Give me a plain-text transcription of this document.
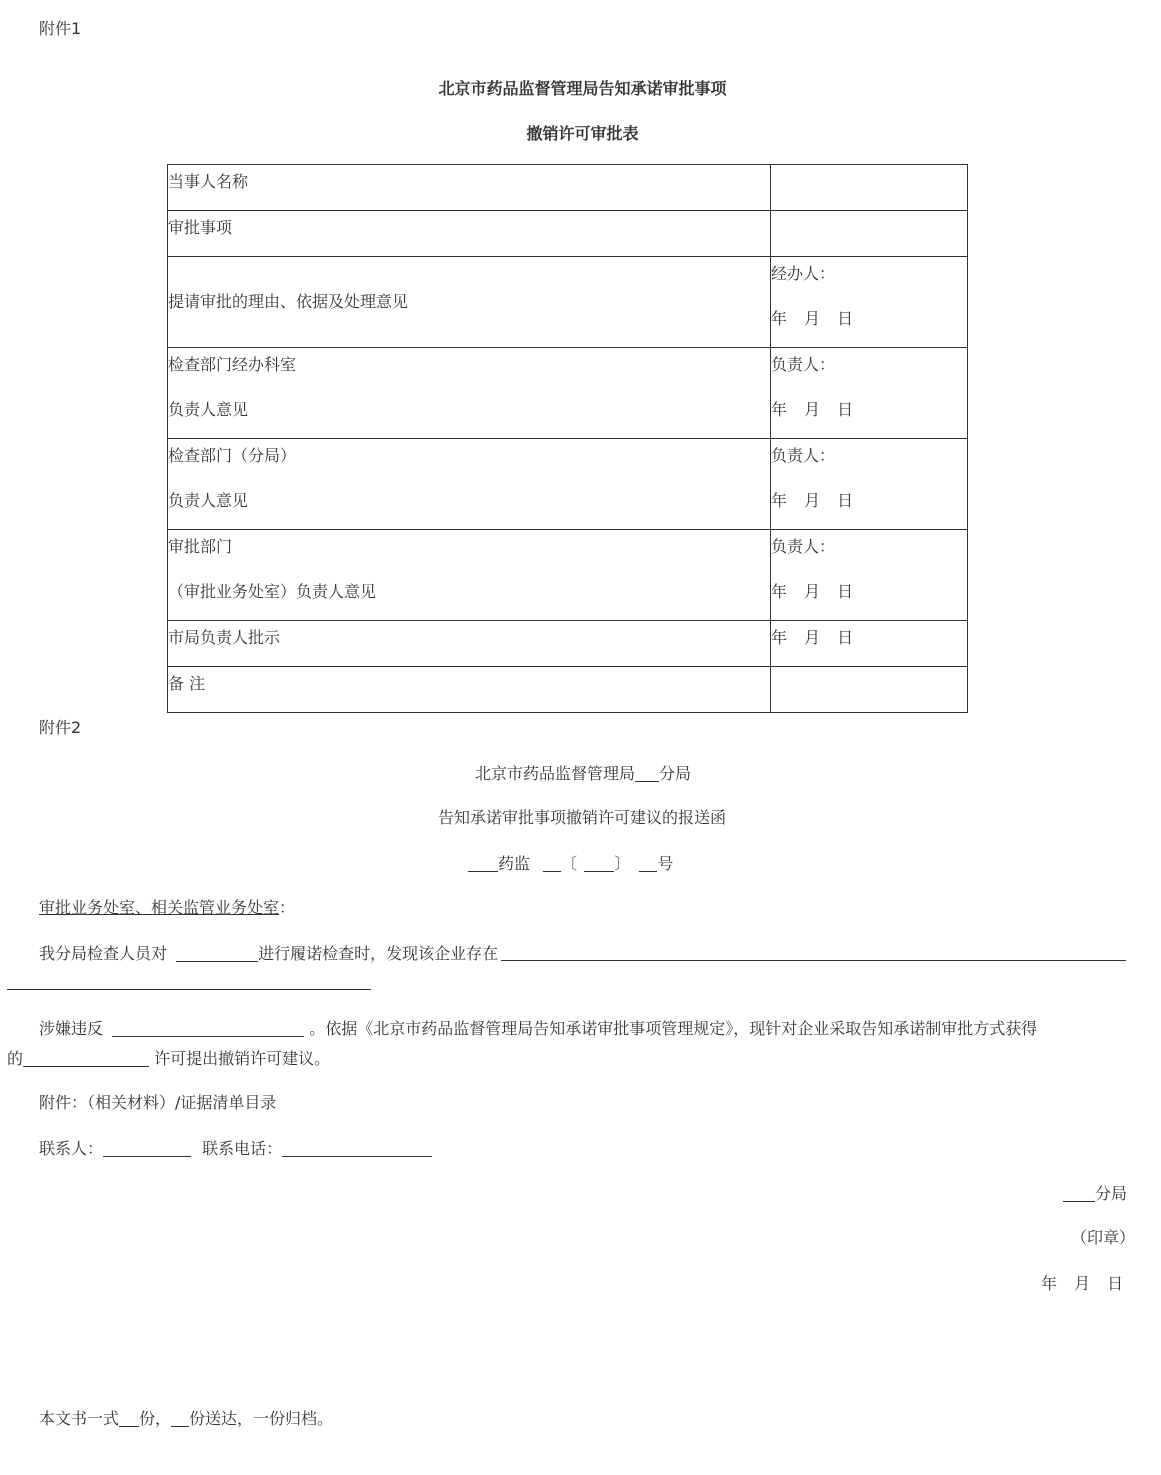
附件1
北京市药品监督管理局告知承诺审批事项
撤销许可审批表
当事人名称	

审批事项	

提请审批的理由、依据及处理意见	经办人：
年 月 日

检查部门经办科室
负责人意见	负责人：
年 月 日

检查部门（分局）
负责人意见	负责人：
年 月 日

审批部门
（审批业务处室）负责人意见	负责人：
年 月 日

市局负责人批示	年 月 日

备 注	

附件2
北京市药品监督管理局 分局
告知承诺审批事项撤销许可建议的报送函
药监 〔 〕 号
审批业务处室、相关监管业务处室：
我分局检查人员对	进行履诺检查时，发现该企业存在
涉嫌违反	。依据《北京市药品监督管理局告知承诺审批事项管理规定》，现针对企业采取告知承诺制审批方式获得
的	许可提出撤销许可建议。
附件：（相关材料）/证据清单目录
联系人：	联系电话：
分局
（印章）
年 月 日
本文书一式 份， 份送达，一份归档。
